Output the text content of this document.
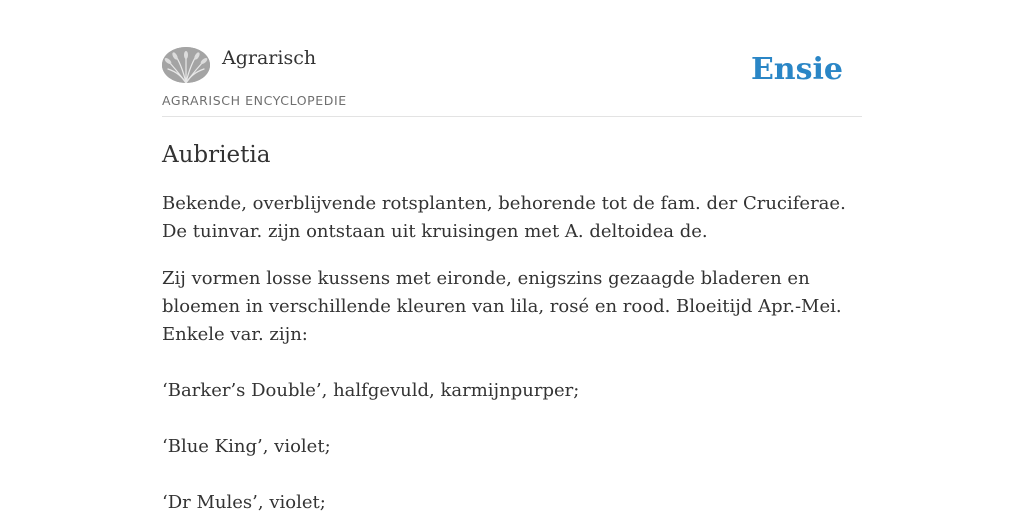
Agrarisch
AGRARISCH ENCYCLOPEDIE
Ensie
Aubrietia

Bekende, overblijvende rotsplanten, behorende tot de fam. der Cruciferae. De tuinvar. zijn ontstaan uit kruisingen met A. deltoidea de.

Zij vormen losse kussens met eironde, enigszins gezaagde bladeren en bloemen in verschillende kleuren van lila, rosé en rood. Bloeitijd Apr.-Mei. Enkele var. zijn:

‘Barker’s Double’, halfgevuld, karmijnpurper;

‘Blue King’, violet;

‘Dr Mules’, violet;
